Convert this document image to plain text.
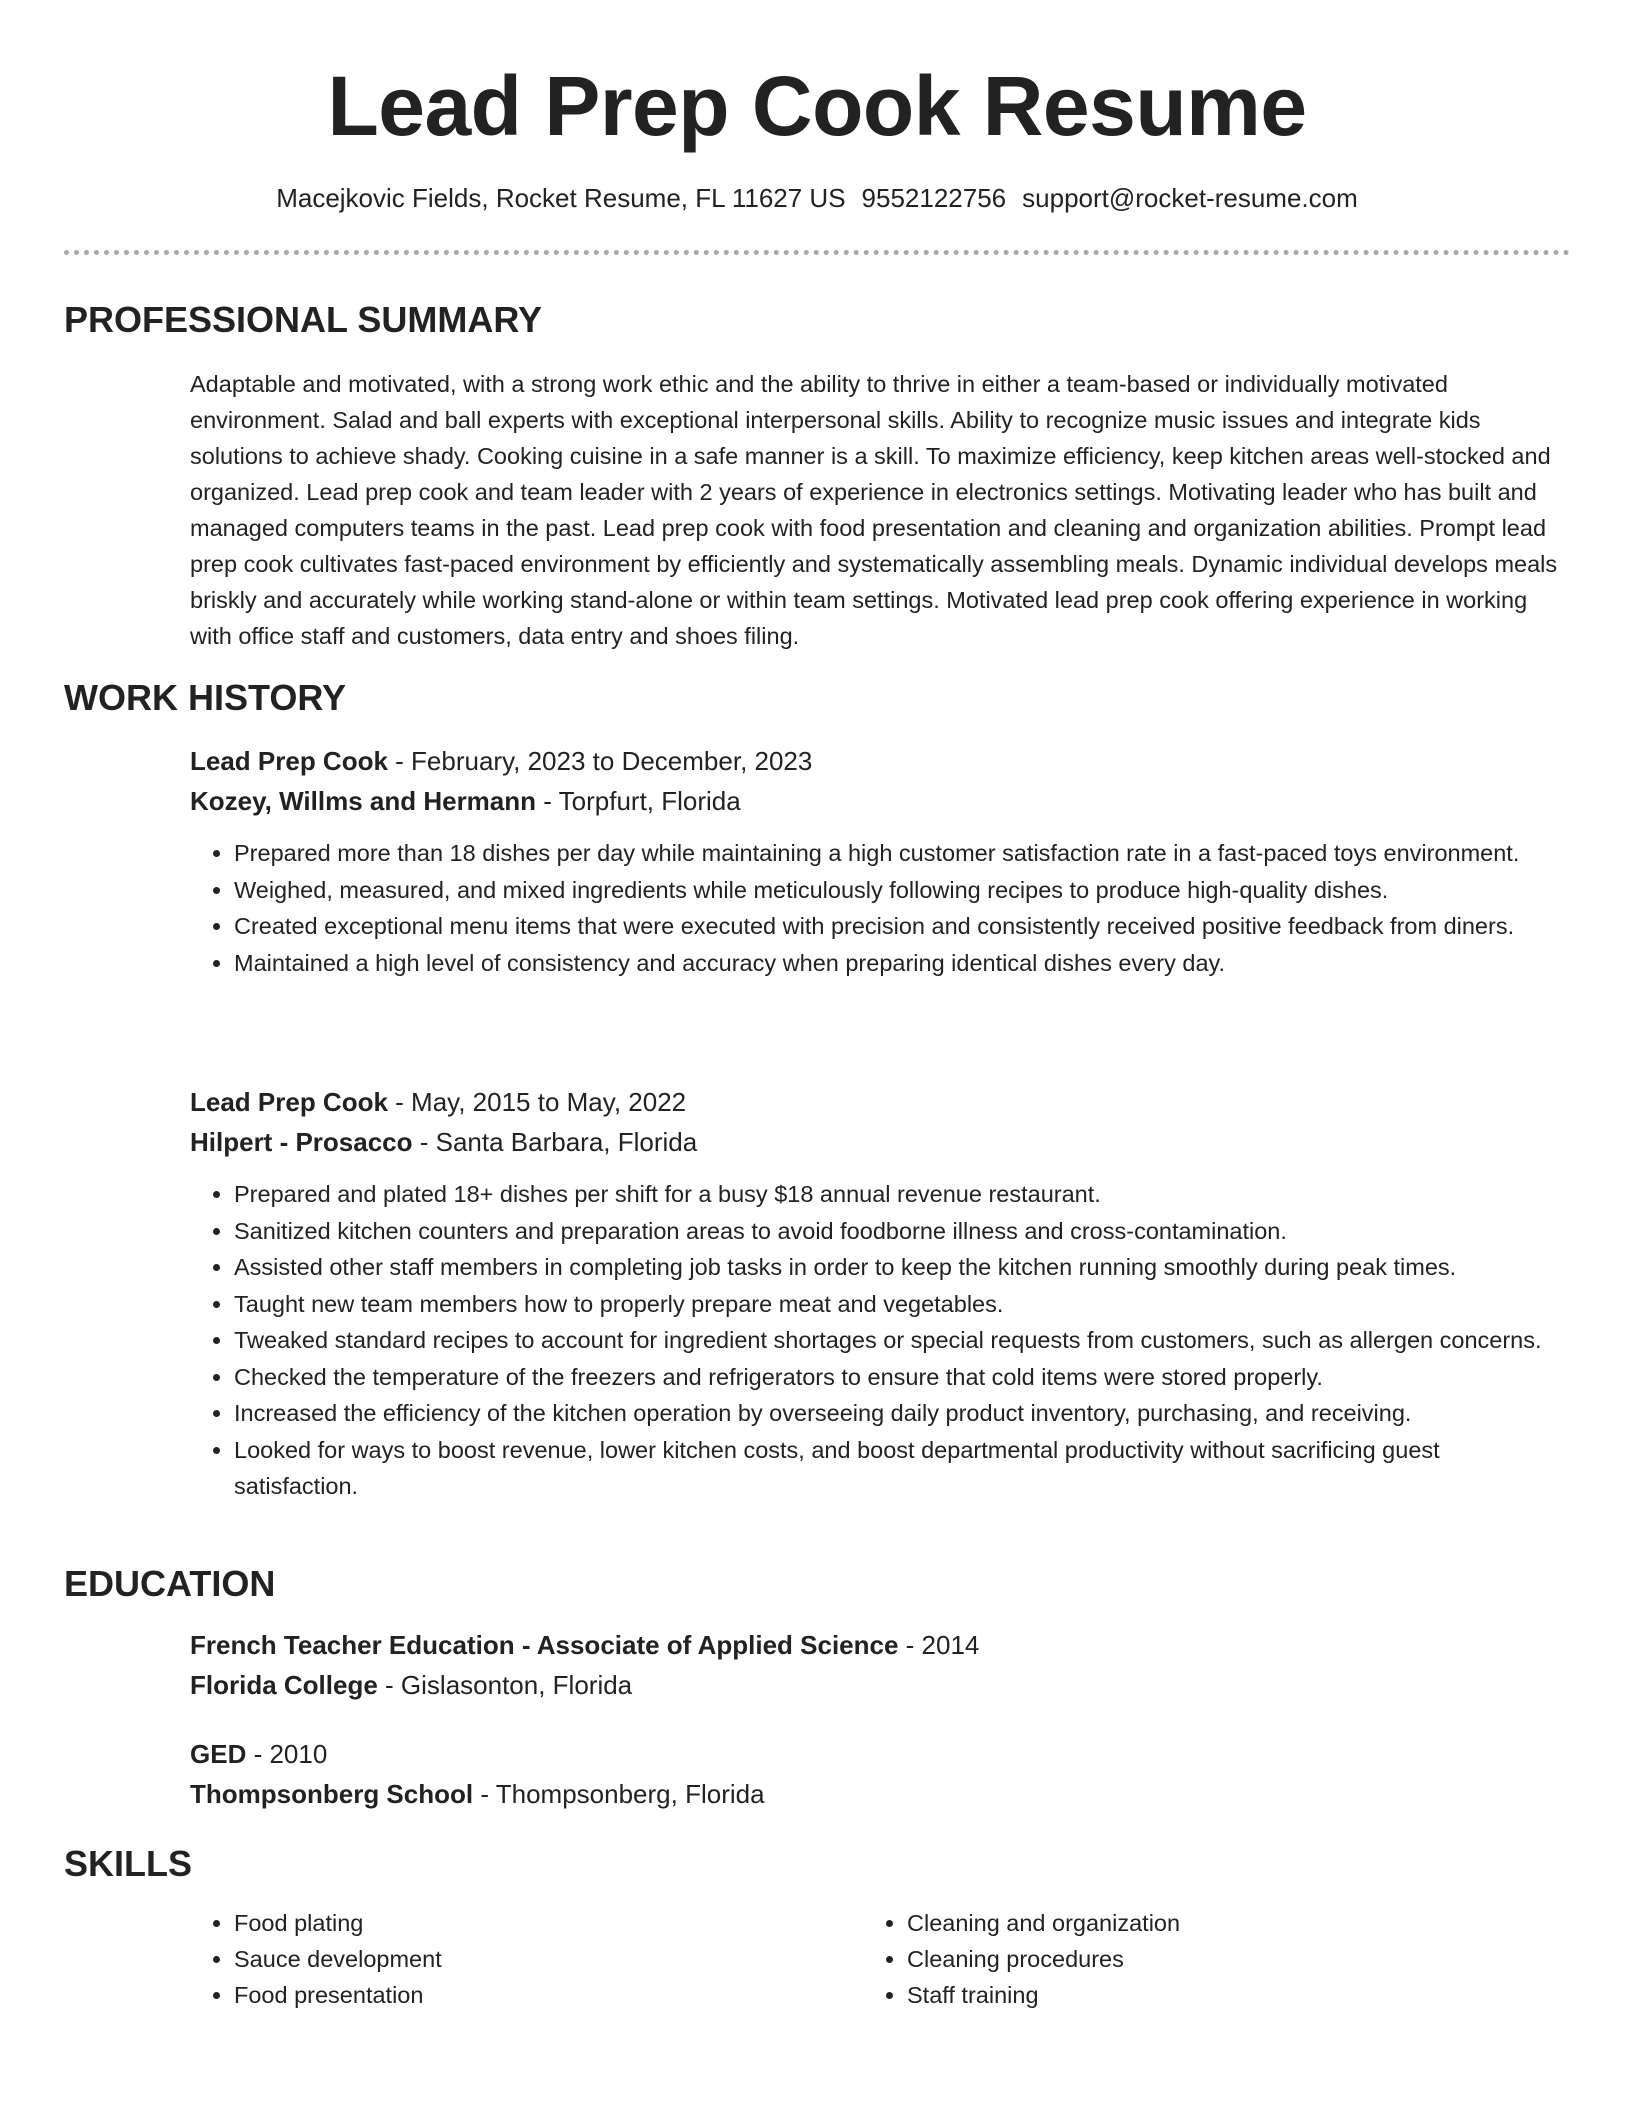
Lead Prep Cook Resume
Macejkovic Fields, Rocket Resume, FL 11627 US 9552122756 support@rocket-resume.com
PROFESSIONAL SUMMARY

Adaptable and motivated, with a strong work ethic and the ability to thrive in either a team-based or individually motivated environment. Salad and ball experts with exceptional interpersonal skills. Ability to recognize music issues and integrate kids solutions to achieve shady. Cooking cuisine in a safe manner is a skill. To maximize efficiency, keep kitchen areas well-stocked and organized. Lead prep cook and team leader with 2 years of experience in electronics settings. Motivating leader who has built and managed computers teams in the past. Lead prep cook with food presentation and cleaning and organization abilities. Prompt lead prep cook cultivates fast-paced environment by efficiently and systematically assembling meals. Dynamic individual develops meals briskly and accurately while working stand-alone or within team settings. Motivated lead prep cook offering experience in working with office staff and customers, data entry and shoes filing.

WORK HISTORY

Lead Prep Cook - February, 2023 to December, 2023

Kozey, Willms and Hermann - Torpfurt, Florida

• Prepared more than 18 dishes per day while maintaining a high customer satisfaction rate in a fast-paced toys environment.
• Weighed, measured, and mixed ingredients while meticulously following recipes to produce high-quality dishes.
• Created exceptional menu items that were executed with precision and consistently received positive feedback from diners.
• Maintained a high level of consistency and accuracy when preparing identical dishes every day.

Lead Prep Cook - May, 2015 to May, 2022

Hilpert - Prosacco - Santa Barbara, Florida

• Prepared and plated 18+ dishes per shift for a busy $18 annual revenue restaurant.
• Sanitized kitchen counters and preparation areas to avoid foodborne illness and cross-contamination.
• Assisted other staff members in completing job tasks in order to keep the kitchen running smoothly during peak times.
• Taught new team members how to properly prepare meat and vegetables.
• Tweaked standard recipes to account for ingredient shortages or special requests from customers, such as allergen concerns.
• Checked the temperature of the freezers and refrigerators to ensure that cold items were stored properly.
• Increased the efficiency of the kitchen operation by overseeing daily product inventory, purchasing, and receiving.
• Looked for ways to boost revenue, lower kitchen costs, and boost departmental productivity without sacrificing guest satisfaction.
EDUCATION

French Teacher Education - Associate of Applied Science - 2014

Florida College - Gislasonton, Florida

GED - 2010

Thompsonberg School - Thompsonberg, Florida

SKILLS
• Food plating
• Sauce development
• Food presentation
• Cleaning and organization
• Cleaning procedures
• Staff training
